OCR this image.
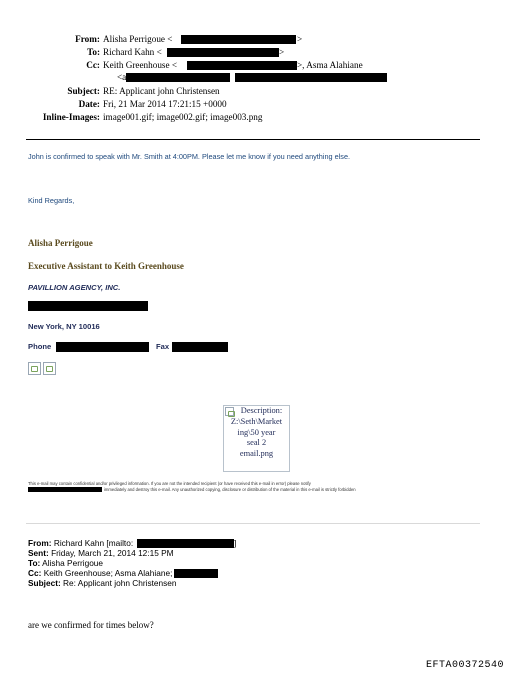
From: Alisha Perrigoue <	>
To: Richard Kahn <	>
Cc: Keith Greenhouse <	>, Asma Alahiane
<a
Subject: RE: Applicant john Christensen
Date: Fri, 21 Mar 2014 17:21:15 +0000
Inline-Images: image001.gif; image002.gif; image003.png
John is confirmed to speak with Mr. Smith at 4:00PM. Please let me know if you need anything else.
Kind Regards,
Alisha Perrigoue
Executive Assistant to Keith Greenhouse
PAVILLION AGENCY, INC.
New York, NY 10016
Phone	Fax
Description:
Z:\Seth\Market
ing\50 year
seal 2
email.png
This e-mail may contain confidential and/or privileged information. If you are not the intended recipient (or have received this e-mail in error) please notify
immediately and destroy this e-mail. Any unauthorized copying, disclosure or distribution of the material in this e-mail is strictly forbidden
From: Richard Kahn [mailto:	]
Sent: Friday, March 21, 2014 12:15 PM
To: Alisha Perrigoue
Cc: Keith Greenhouse; Asma Alahiane;
Subject: Re: Applicant john Christensen
are we confirmed for times below?
EFTA00372540
